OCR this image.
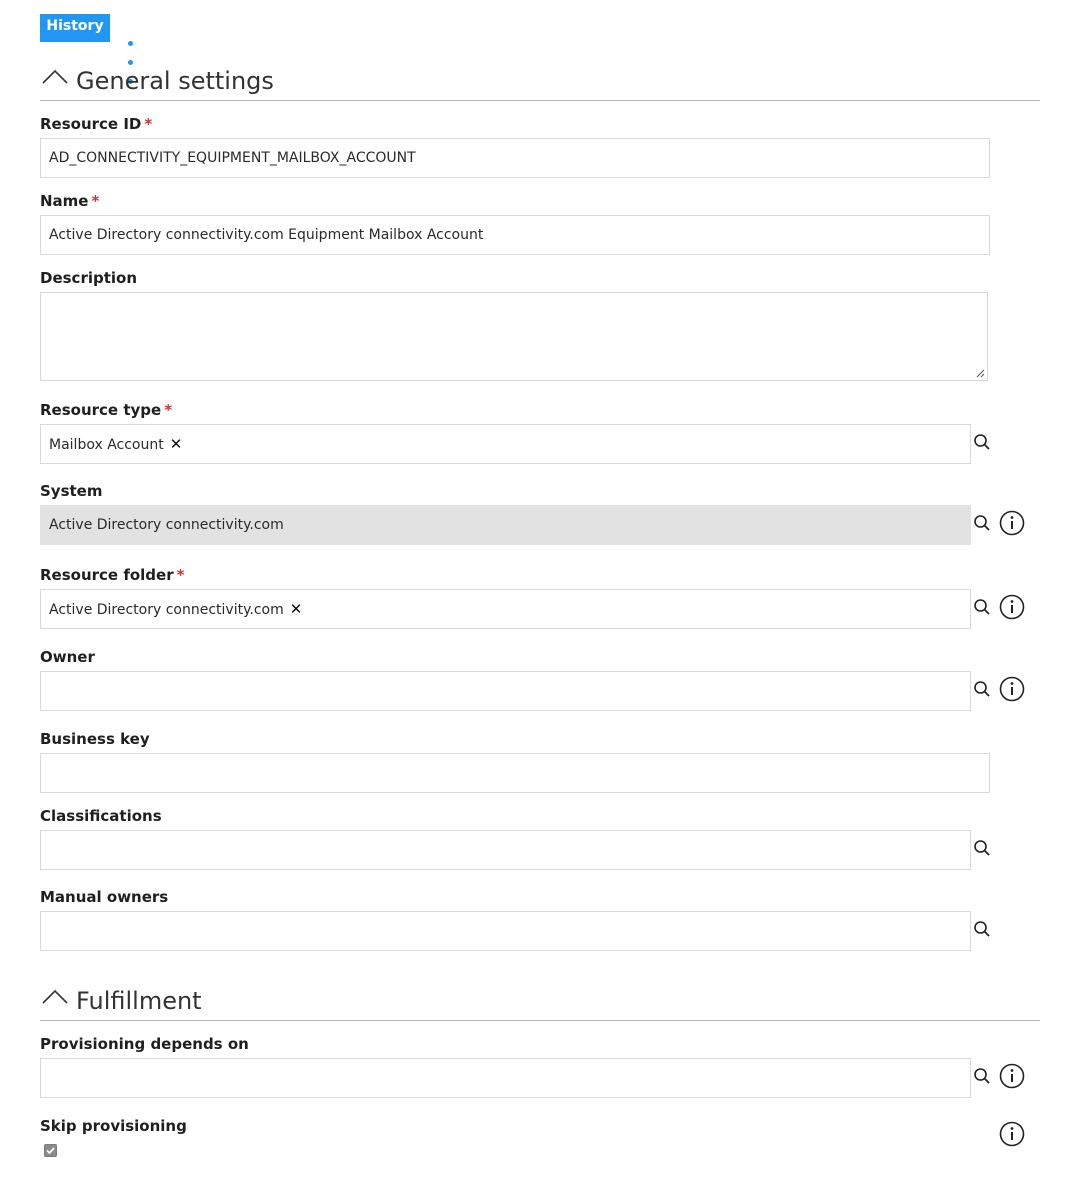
History
General settings
Resource ID *
AD_CONNECTIVITY_EQUIPMENT_MAILBOX_ACCOUNT
Name *
Active Directory connectivity.com Equipment Mailbox Account
Description
Resource type *
Mailbox Account ✕
System
Active Directory connectivity.com
Resource folder *
Active Directory connectivity.com ✕
Owner
Business key
Classifications
Manual owners
Fulfillment
Provisioning depends on
Skip provisioning
